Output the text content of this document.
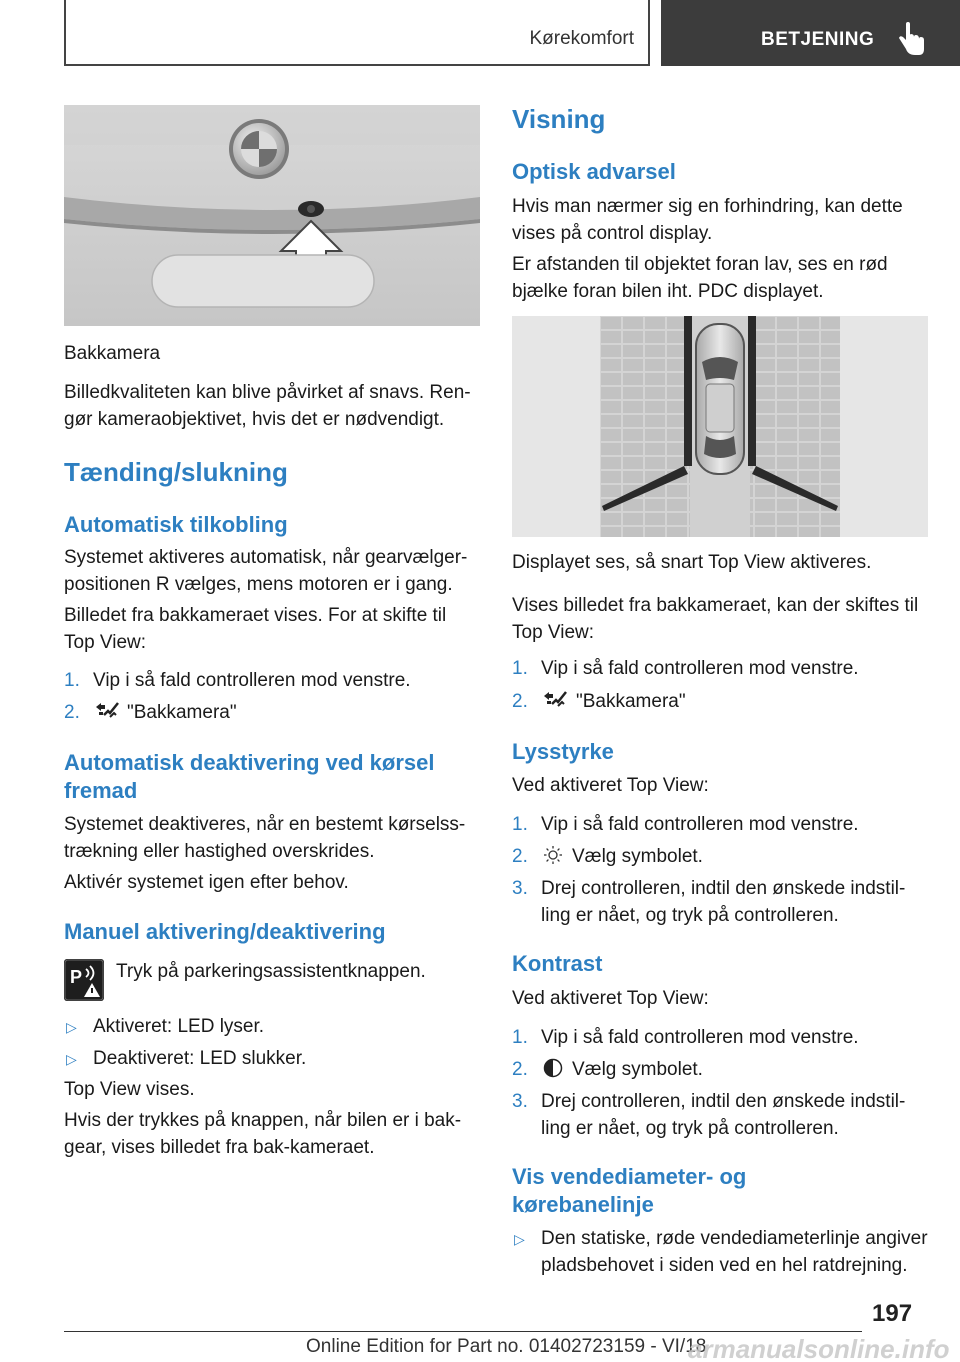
Kørekomfort	BETJENING

Bakkamera

Billedkvaliteten kan blive påvirket af snavs. Ren‐

gør kameraobjektivet, hvis det er nødvendigt.

Tænding/slukning
Automatisk tilkobling

Systemet aktiveres automatisk, når gearvælger‐

positionen R vælges, mens motoren er i gang.

Billedet fra bakkameraet vises. For at skifte til

Top View:

1. Vip i så fald controlleren mod venstre.
2. "Bakkamera"
Automatisk deaktivering ved kørsel
fremad

Systemet deaktiveres, når en bestemt kørselss‐

trækning eller hastighed overskrides.

Aktivér systemet igen efter behov.

Manuel aktivering/deaktivering
P Tryk på parkeringsassistentknappen.

▷ Aktiveret: LED lyser.
▷ Deaktiveret: LED slukker.

Top View vises.

Hvis der trykkes på knappen, når bilen er i bak‐

gear, vises billedet fra bak-kameraet.

Visning
Optisk advarsel

Hvis man nærmer sig en forhindring, kan dette

vises på control display.

Er afstanden til objektet foran lav, ses en rød

bjælke foran bilen iht. PDC displayet.

Displayet ses, så snart Top View aktiveres.

Vises billedet fra bakkameraet, kan der skiftes til

Top View:

1. Vip i så fald controlleren mod venstre.
2.	"Bakkamera"
Lysstyrke

Ved aktiveret Top View:

1. Vip i så fald controlleren mod venstre.
2. Vælg symbolet.
3. Drej controlleren, indtil den ønskede indstil‐
ling er nået, og tryk på controlleren.
Kontrast

Ved aktiveret Top View:

1. Vip i så fald controlleren mod venstre.
2. Vælg symbolet.
3. Drej controlleren, indtil den ønskede indstil‐
ling er nået, og tryk på controlleren.
Vis vendediameter- og
kørebanelinje
▷ Den statiske, røde vendediameterlinje angiver
pladsbehovet i siden ved en hel ratdrejning.
197
Online Edition for Part no. 01402723159 - VI/18
armanualsonline.info
